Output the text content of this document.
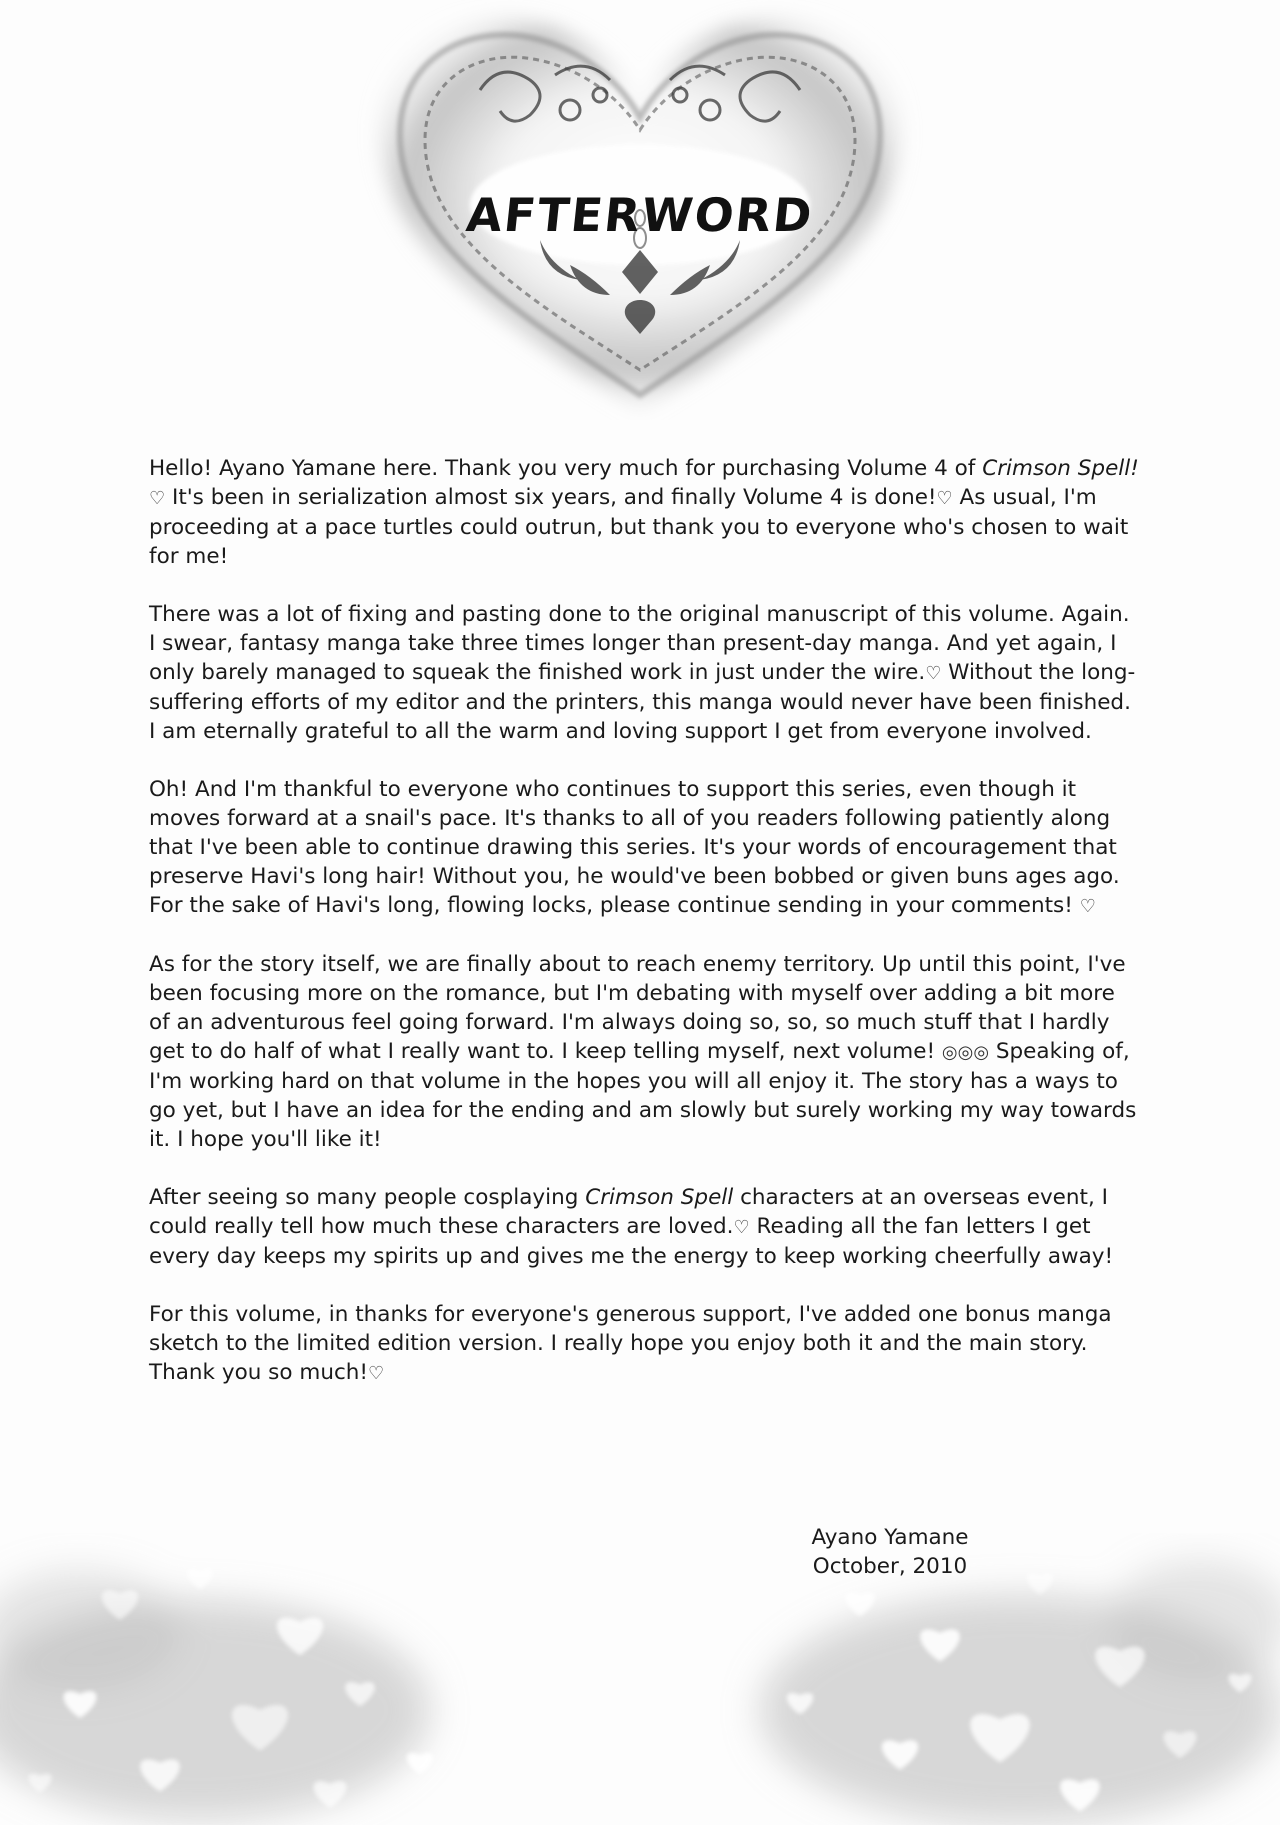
AFTERWORD

Hello! Ayano Yamane here. Thank you very much for purchasing Volume 4 of Crimson Spell!♡ It's been in serialization almost six years, and finally Volume 4 is done!♡ As usual, I'm proceeding at a pace turtles could outrun, but thank you to everyone who's chosen to wait for me!

There was a lot of fixing and pasting done to the original manuscript of this volume. Again. I swear, fantasy manga take three times longer than present-day manga. And yet again, I only barely managed to squeak the finished work in just under the wire.♡ Without the long-suffering efforts of my editor and the printers, this manga would never have been finished. I am eternally grateful to all the warm and loving support I get from everyone involved.

Oh! And I'm thankful to everyone who continues to support this series, even though it moves forward at a snail's pace. It's thanks to all of you readers following patiently along that I've been able to continue drawing this series. It's your words of encouragement that preserve Havi's long hair! Without you, he would've been bobbed or given buns ages ago. For the sake of Havi's long, flowing locks, please continue sending in your comments! ♡

As for the story itself, we are finally about to reach enemy territory. Up until this point, I've been focusing more on the romance, but I'm debating with myself over adding a bit more of an adventurous feel going forward. I'm always doing so, so, so much stuff that I hardly get to do half of what I really want to. I keep telling myself, next volume! ◎◎◎ Speaking of, I'm working hard on that volume in the hopes you will all enjoy it. The story has a ways to go yet, but I have an idea for the ending and am slowly but surely working my way towards it. I hope you'll like it!

After seeing so many people cosplaying Crimson Spell characters at an overseas event, I could really tell how much these characters are loved.♡ Reading all the fan letters I get every day keeps my spirits up and gives me the energy to keep working cheerfully away!

For this volume, in thanks for everyone's generous support, I've added one bonus manga sketch to the limited edition version. I really hope you enjoy both it and the main story. Thank you so much!♡

Ayano Yamane
October, 2010
